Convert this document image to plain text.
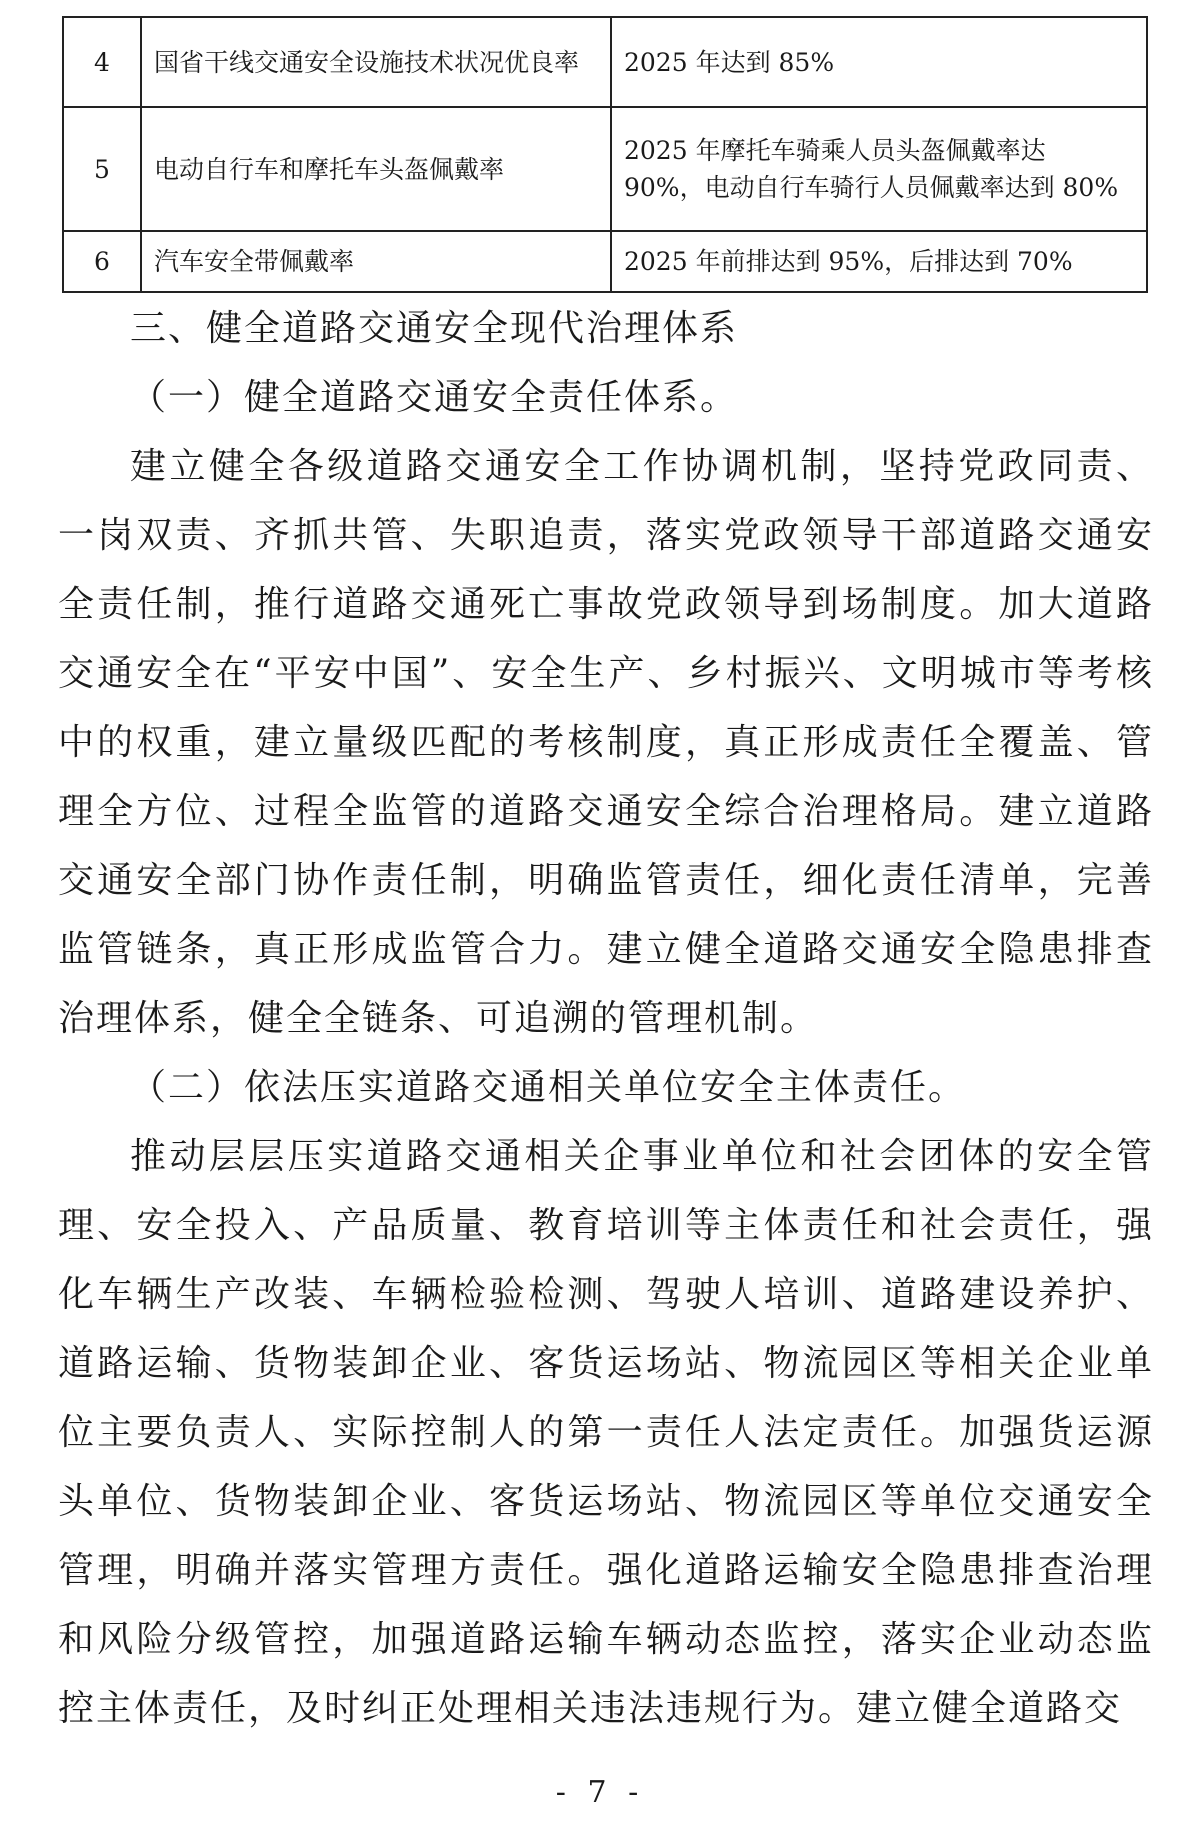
4	国省干线交通安全设施技术状况优良率	2025 年达到 85%
5	电动自行车和摩托车头盔佩戴率	2025 年摩托车骑乘人员头盔佩戴率达 90%，电动自行车骑行人员佩戴率达到 80%
6	汽车安全带佩戴率	2025 年前排达到 95%，后排达到 70%

三、健全道路交通安全现代治理体系

（一）健全道路交通安全责任体系。

建立健全各级道路交通安全工作协调机制，坚持党政同责、一岗双责、齐抓共管、失职追责，落实党政领导干部道路交通安全责任制，推行道路交通死亡事故党政领导到场制度。加大道路交通安全在“平安中国”、安全生产、乡村振兴、文明城市等考核中的权重，建立量级匹配的考核制度，真正形成责任全覆盖、管理全方位、过程全监管的道路交通安全综合治理格局。建立道路交通安全部门协作责任制，明确监管责任，细化责任清单，完善监管链条，真正形成监管合力。建立健全道路交通安全隐患排查治理体系，健全全链条、可追溯的管理机制。

（二）依法压实道路交通相关单位安全主体责任。

推动层层压实道路交通相关企事业单位和社会团体的安全管理、安全投入、产品质量、教育培训等主体责任和社会责任，强化车辆生产改装、车辆检验检测、驾驶人培训、道路建设养护、道路运输、货物装卸企业、客货运场站、物流园区等相关企业单位主要负责人、实际控制人的第一责任人法定责任。加强货运源头单位、货物装卸企业、客货运场站、物流园区等单位交通安全管理，明确并落实管理方责任。强化道路运输安全隐患排查治理和风险分级管控，加强道路运输车辆动态监控，落实企业动态监控主体责任，及时纠正处理相关违法违规行为。建立健全道路交

- 7 -
